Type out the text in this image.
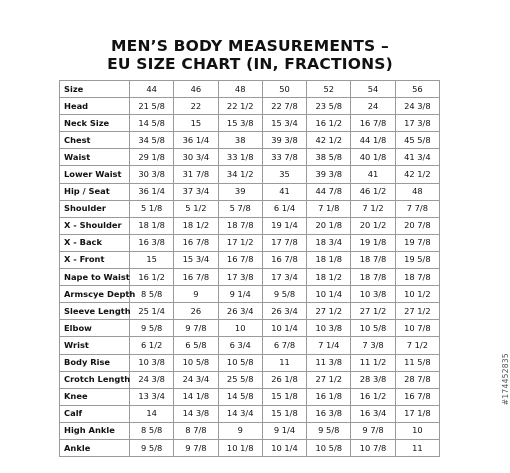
MEN’S BODY MEASUREMENTS –
EU SIZE CHART (IN, FRACTIONS)
Size	44	46	48	50	52	54	56
Head	21 5/8	22	22 1/2	22 7/8	23 5/8	24	24 3/8
Neck Size	14 5/8	15	15 3/8	15 3/4	16 1/2	16 7/8	17 3/8
Chest	34 5/8	36 1/4	38	39 3/8	42 1/2	44 1/8	45 5/8
Waist	29 1/8	30 3/4	33 1/8	33 7/8	38 5/8	40 1/8	41 3/4
Lower Waist	30 3/8	31 7/8	34 1/2	35	39 3/8	41	42 1/2
Hip / Seat	36 1/4	37 3/4	39	41	44 7/8	46 1/2	48
Shoulder	5 1/8	5 1/2	5 7/8	6 1/4	7 1/8	7 1/2	7 7/8
X - Shoulder	18 1/8	18 1/2	18 7/8	19 1/4	20 1/8	20 1/2	20 7/8
X - Back	16 3/8	16 7/8	17 1/2	17 7/8	18 3/4	19 1/8	19 7/8
X - Front	15	15 3/4	16 7/8	16 7/8	18 1/8	18 7/8	19 5/8
Nape to Waist	16 1/2	16 7/8	17 3/8	17 3/4	18 1/2	18 7/8	18 7/8
Armscye Depth	8 5/8	9	9 1/4	9 5/8	10 1/4	10 3/8	10 1/2
Sleeve Length	25 1/4	26	26 3/4	26 3/4	27 1/2	27 1/2	27 1/2
Elbow	9 5/8	9 7/8	10	10 1/4	10 3/8	10 5/8	10 7/8
Wrist	6 1/2	6 5/8	6 3/4	6 7/8	7 1/4	7 3/8	7 1/2
Body Rise	10 3/8	10 5/8	10 5/8	11	11 3/8	11 1/2	11 5/8
Crotch Length	24 3/8	24 3/4	25 5/8	26 1/8	27 1/2	28 3/8	28 7/8
Knee	13 3/4	14 1/8	14 5/8	15 1/8	16 1/8	16 1/2	16 7/8
Calf	14	14 3/8	14 3/4	15 1/8	16 3/8	16 3/4	17 1/8
High Ankle	8 5/8	8 7/8	9	9 1/4	9 5/8	9 7/8	10
Ankle	9 5/8	9 7/8	10 1/8	10 1/4	10 5/8	10 7/8	11
#174452835
